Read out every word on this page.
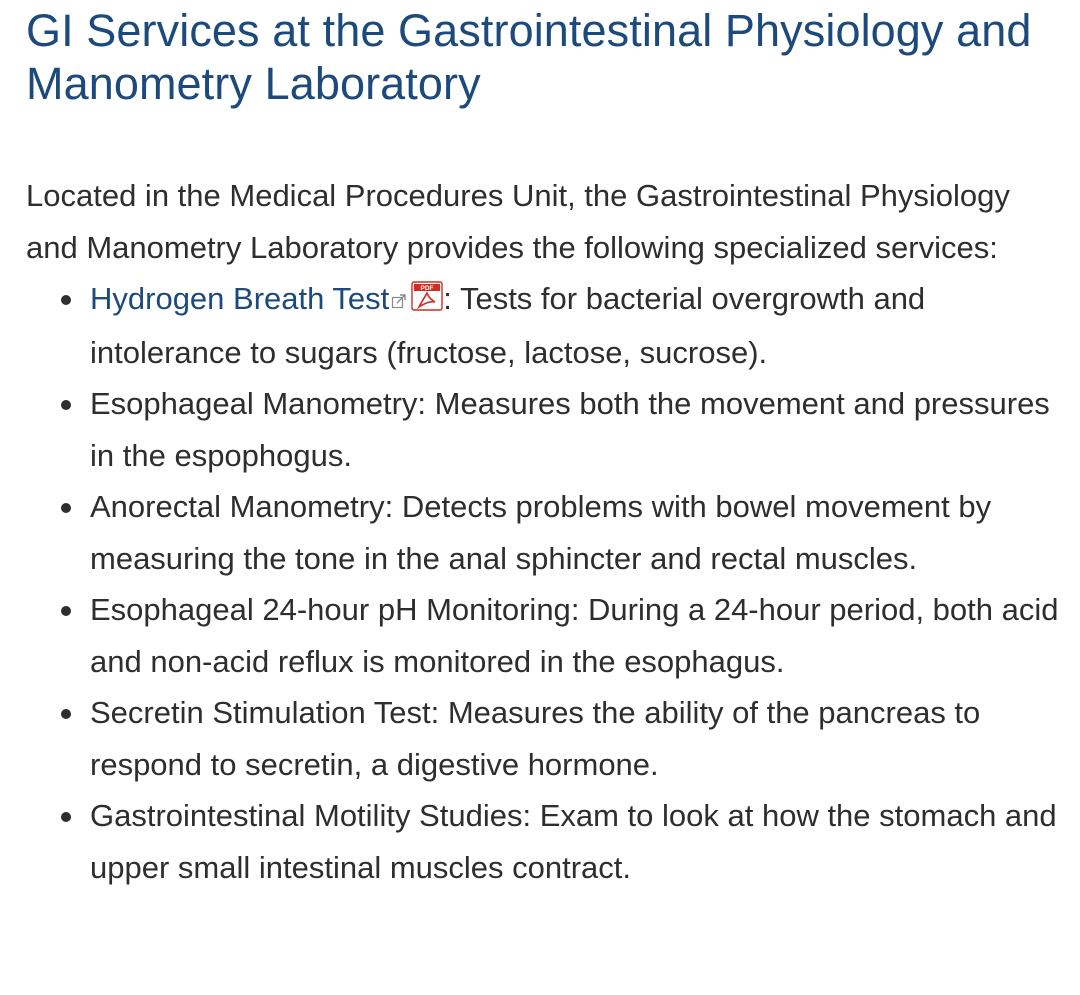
GI Services at the Gastrointestinal Physiology and Manometry Laboratory

Located in the Medical Procedures Unit, the Gastrointestinal Physiology and Manometry Laboratory provides the following specialized services:

Hydrogen Breath Test	PDF : Tests for bacterial overgrowth and intolerance to sugars (fructose, lactose, sucrose).
Esophageal Manometry: Measures both the movement and pressures in the espophogus.
Anorectal Manometry: Detects problems with bowel movement by measuring the tone in the anal sphincter and rectal muscles.
Esophageal 24-hour pH Monitoring: During a 24-hour period, both acid and non-acid reflux is monitored in the esophagus.
Secretin Stimulation Test: Measures the ability of the pancreas to respond to secretin, a digestive hormone.
Gastrointestinal Motility Studies: Exam to look at how the stomach and upper small intestinal muscles contract.
